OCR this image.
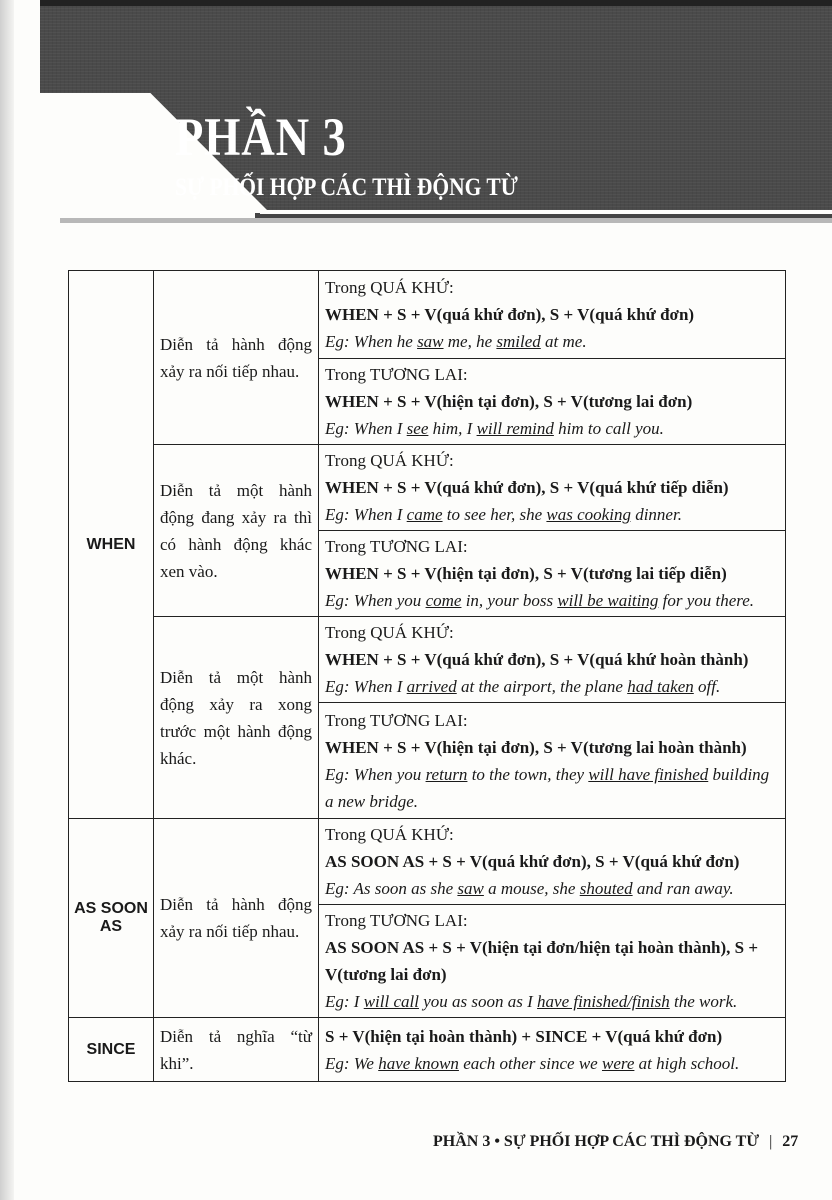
PHẦN 3
SỰ PHỐI HỢP CÁC THÌ ĐỘNG TỪ
WHEN	Diễn tả hành động xảy ra nối tiếp nhau.	Trong QUÁ KHỨ:
WHEN + S + V(quá khứ đơn), S + V(quá khứ đơn)
Eg: When he saw me, he smiled at me.

		Trong TƯƠNG LAI:
WHEN + S + V(hiện tại đơn), S + V(tương lai đơn)
Eg: When I see him, I will remind him to call you.

	Diễn tả một hành động đang xảy ra thì có hành động khác xen vào.	Trong QUÁ KHỨ:
WHEN + S + V(quá khứ đơn), S + V(quá khứ tiếp diễn)
Eg: When I came to see her, she was cooking dinner.

		Trong TƯƠNG LAI:
WHEN + S + V(hiện tại đơn), S + V(tương lai tiếp diễn)
Eg: When you come in, your boss will be waiting for you there.

	Diễn tả một hành động xảy ra xong trước một hành động khác.	Trong QUÁ KHỨ:
WHEN + S + V(quá khứ đơn), S + V(quá khứ hoàn thành)
Eg: When I arrived at the airport, the plane had taken off.

		Trong TƯƠNG LAI:
WHEN + S + V(hiện tại đơn), S + V(tương lai hoàn thành)
Eg: When you return to the town, they will have finished building a new bridge.

AS SOON AS	Diễn tả hành động xảy ra nối tiếp nhau.	Trong QUÁ KHỨ:
AS SOON AS + S + V(quá khứ đơn), S + V(quá khứ đơn)
Eg: As soon as she saw a mouse, she shouted and ran away.

		Trong TƯƠNG LAI:
AS SOON AS + S + V(hiện tại đơn/hiện tại hoàn thành), S + V(tương lai đơn)
Eg: I will call you as soon as I have finished/finish the work.

SINCE	Diễn tả nghĩa “từ khi”.	S + V(hiện tại hoàn thành) + SINCE + V(quá khứ đơn)
Eg: We have known each other since we were at high school.
PHẦN 3 • SỰ PHỐI HỢP CÁC THÌ ĐỘNG TỪ | 27
